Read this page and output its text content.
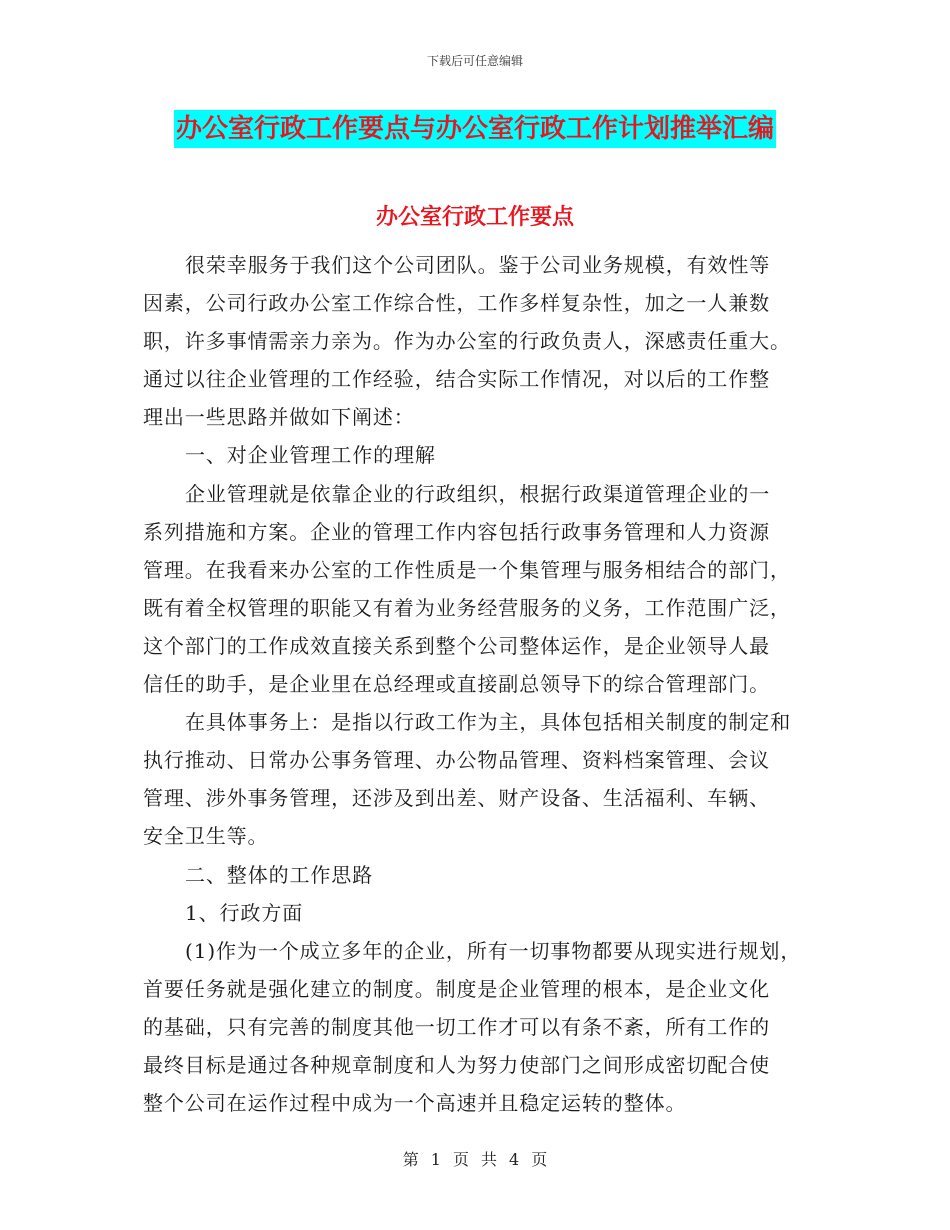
下载后可任意编辑
办公室行政工作要点与办公室行政工作计划推举汇编
办公室行政工作要点
很荣幸服务于我们这个公司团队。鉴于公司业务规模，有效性等
因素，公司行政办公室工作综合性，工作多样复杂性，加之一人兼数
职，许多事情需亲力亲为。作为办公室的行政负责人，深感责任重大。
通过以往企业管理的工作经验，结合实际工作情况，对以后的工作整
理出一些思路并做如下阐述：
一、对企业管理工作的理解
企业管理就是依靠企业的行政组织，根据行政渠道管理企业的一
系列措施和方案。企业的管理工作内容包括行政事务管理和人力资源
管理。在我看来办公室的工作性质是一个集管理与服务相结合的部门，
既有着全权管理的职能又有着为业务经营服务的义务，工作范围广泛，
这个部门的工作成效直接关系到整个公司整体运作，是企业领导人最
信任的助手，是企业里在总经理或直接副总领导下的综合管理部门。
在具体事务上：是指以行政工作为主，具体包括相关制度的制定和
执行推动、日常办公事务管理、办公物品管理、资料档案管理、会议
管理、涉外事务管理，还涉及到出差、财产设备、生活福利、车辆、
安全卫生等。
二、整体的工作思路
1、行政方面
(1)作为一个成立多年的企业，所有一切事物都要从现实进行规划，
首要任务就是强化建立的制度。制度是企业管理的根本，是企业文化
的基础，只有完善的制度其他一切工作才可以有条不紊，所有工作的
最终目标是通过各种规章制度和人为努力使部门之间形成密切配合使
整个公司在运作过程中成为一个高速并且稳定运转的整体。
第 1 页 共 4 页
